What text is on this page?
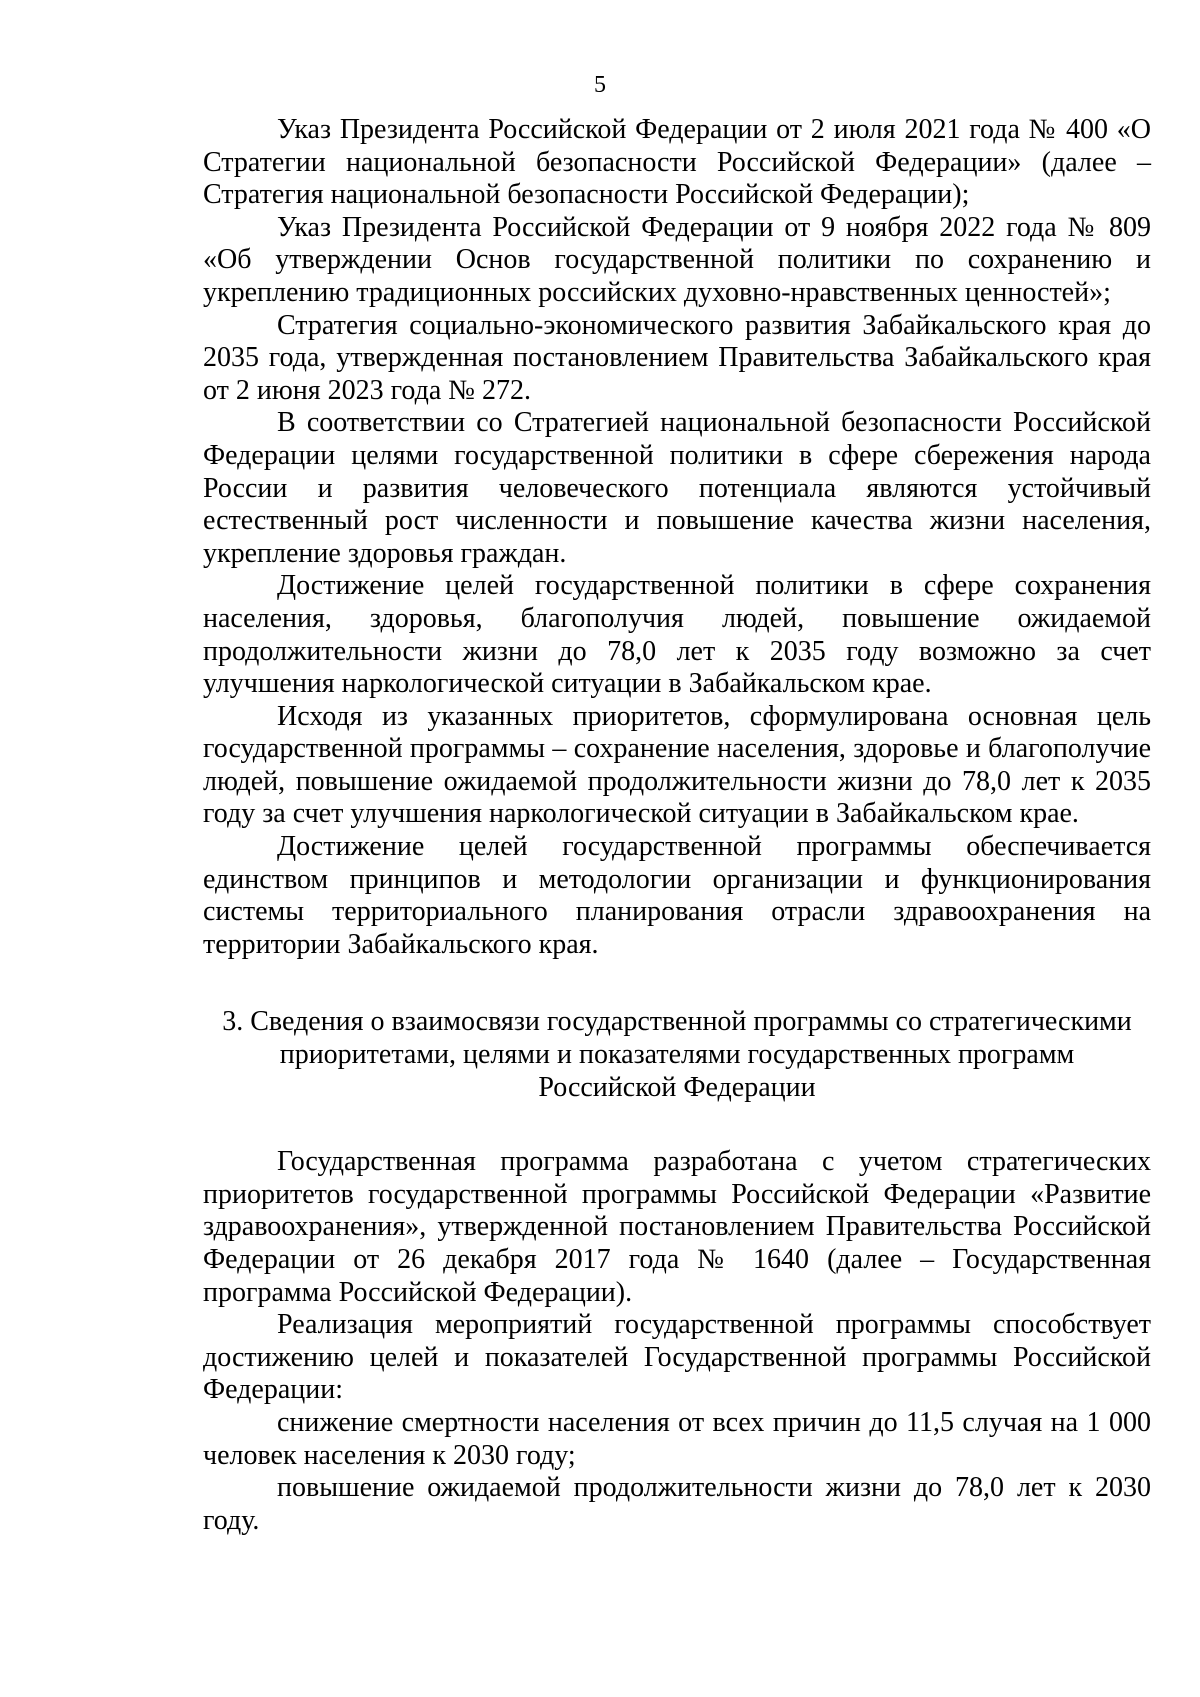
5

Указ Президента Российской Федерации от 2 июля 2021 года № 400 «О Стратегии национальной безопасности Российской Федерации» (далее – Стратегия национальной безопасности Российской Федерации);

Указ Президента Российской Федерации от 9 ноября 2022 года № 809 «Об утверждении Основ государственной политики по сохранению и укреплению традиционных российских духовно-нравственных ценностей»;

Стратегия социально-экономического развития Забайкальского края до 2035 года, утвержденная постановлением Правительства Забайкальского края от 2 июня 2023 года № 272.

В соответствии со Стратегией национальной безопасности Российской Федерации целями государственной политики в сфере сбережения народа России и развития человеческого потенциала являются устойчивый естественный рост численности и повышение качества жизни населения, укрепление здоровья граждан.

Достижение целей государственной политики в сфере сохранения населения, здоровья, благополучия людей, повышение ожидаемой продолжительности жизни до 78,0 лет к 2035 году возможно за счет улучшения наркологической ситуации в Забайкальском крае.

Исходя из указанных приоритетов, сформулирована основная цель государственной программы – сохранение населения, здоровье и благополучие людей, повышение ожидаемой продолжительности жизни до 78,0 лет к 2035 году за счет улучшения наркологической ситуации в Забайкальском крае.

Достижение целей государственной программы обеспечивается единством принципов и методологии организации и функционирования системы территориального планирования отрасли здравоохранения на территории Забайкальского края.

3. Сведения о взаимосвязи государственной программы со стратегическими
приоритетами, целями и показателями государственных программ
Российской Федерации

Государственная программа разработана с учетом стратегических приоритетов государственной программы Российской Федерации «Развитие здравоохранения», утвержденной постановлением Правительства Российской Федерации от 26 декабря 2017 года № 1640 (далее – Государственная программа Российской Федерации).

Реализация мероприятий государственной программы способствует достижению целей и показателей Государственной программы Российской Федерации:

снижение смертности населения от всех причин до 11,5 случая на 1 000 человек населения к 2030 году;

повышение ожидаемой продолжительности жизни до 78,0 лет к 2030 году.
